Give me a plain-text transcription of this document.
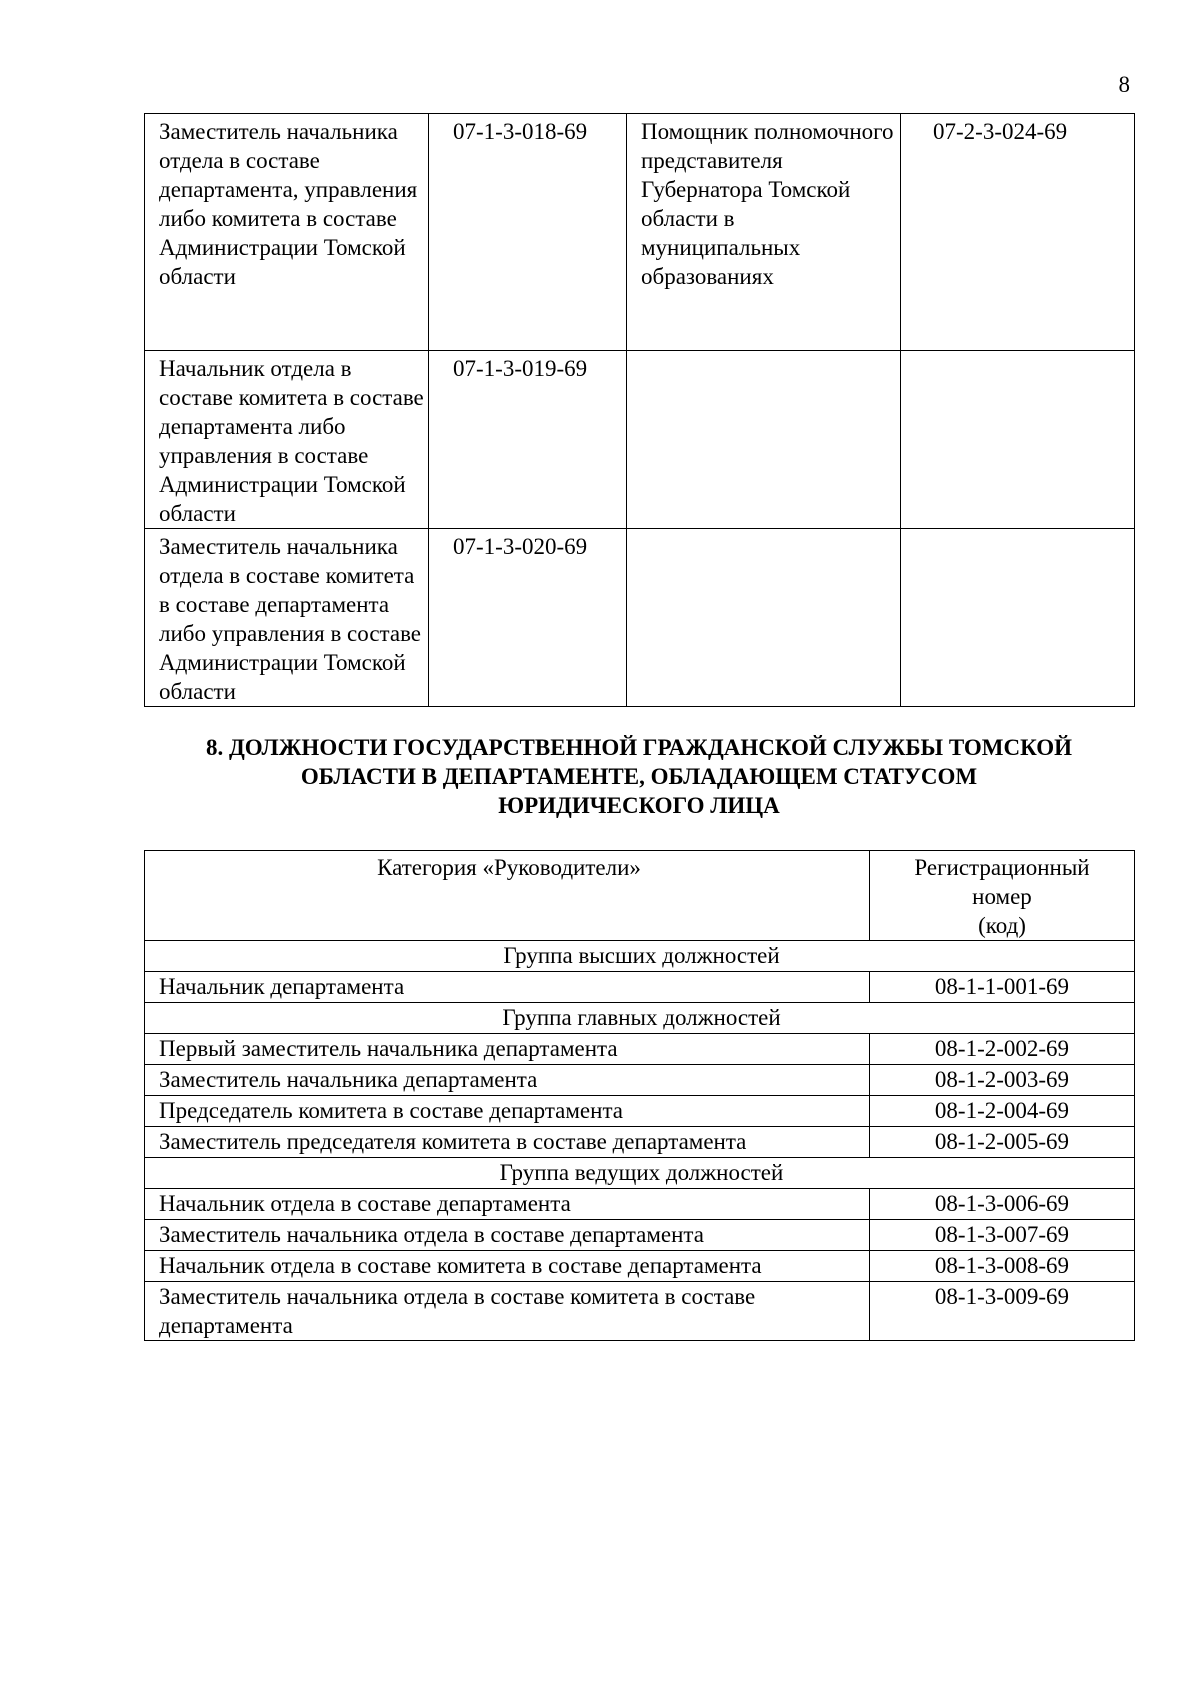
8
Заместитель начальника отдела в составе департамента, управления либо комитета в составе Администрации Томской области	07-1-3-018-69	Помощник полномочного представителя Губернатора Томской области в муниципальных образованиях	07-2-3-024-69
Начальник отдела в составе комитета в составе департамента либо управления в составе Администрации Томской области	07-1-3-019-69		
Заместитель начальника отдела в составе комитета в составе департамента либо управления в составе Администрации Томской области	07-1-3-020-69		
8. ДОЛЖНОСТИ ГОСУДАРСТВЕННОЙ ГРАЖДАНСКОЙ СЛУЖБЫ ТОМСКОЙ
ОБЛАСТИ В ДЕПАРТАМЕНТЕ, ОБЛАДАЮЩЕМ СТАТУСОМ
ЮРИДИЧЕСКОГО ЛИЦА
Категория «Руководители»	Регистрационный
номер
(код)

Группа высших должностей	
Начальник департамента	08-1-1-001-69
Группа главных должностей	
Первый заместитель начальника департамента	08-1-2-002-69
Заместитель начальника департамента	08-1-2-003-69
Председатель комитета в составе департамента	08-1-2-004-69
Заместитель председателя комитета в составе департамента	08-1-2-005-69
Группа ведущих должностей	
Начальник отдела в составе департамента	08-1-3-006-69
Заместитель начальника отдела в составе департамента	08-1-3-007-69
Начальник отдела в составе комитета в составе департамента	08-1-3-008-69
Заместитель начальника отдела в составе комитета в составе департамента	08-1-3-009-69
